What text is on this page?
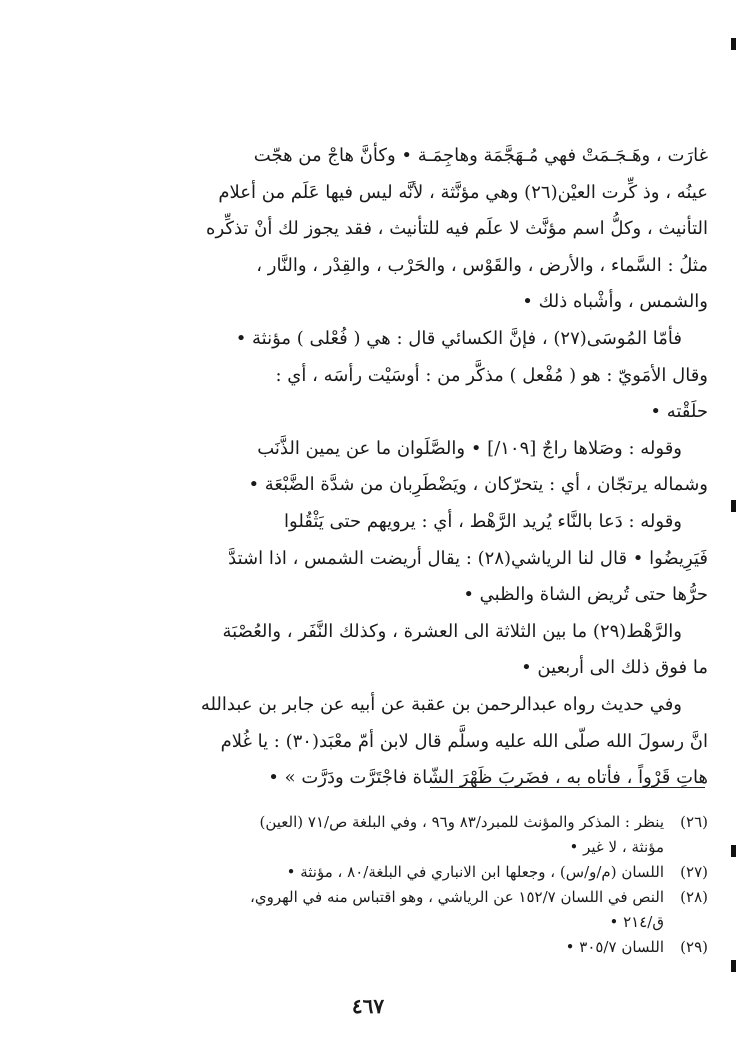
غارَت ، وهَـجَـمَتْ فهي مُـهَجَّمَة وهاجِمَـة • وكأنَّ هاجْ من هجّت
عينُه ، وذ كِّرت العيْن(٢٦) وهي مؤنَّثة ، لأنَّه ليس فيها عَلَم من أعلام
التأنيث ، وكلُّ اسم مؤنَّث لا علَم فيه للتأنيث ، فقد يجوز لك أنْ تذكِّره
مثلُ : السَّماء ، والأرض ، والقَوْس ، والحَرْب ، والقِدْر ، والنَّار ،
والشمس ، وأشْباه ذلك •
فأمّا المُوسَى(٢٧) ، فإنَّ الكسائي قال : هي ( فُعْلى ) مؤنثة •
وقال الأمَويّ : هو ( مُفْعل ) مذكَّر من : أوسَيْت رأسَه ، أي :
حلَقْته •
وقوله : وصَلاها راجٌ [١٠٩/] • والصَّلَوان ما عن يمين الذَّنَب
وشماله يرتجّان ، أي : يتحرّكان ، ويَضْطَرِبان من شدَّة الضَّبْعَة •
وقوله : دَعا بالنَّاء يُريد الرَّهْط ، أي : يرويهم حتى يَثْقُلوا
فَيَرِيضُوا • قال لنا الرياشي(٢٨) : يقال أريضت الشمس ، اذا اشتدَّ
حرُّها حتى تُريض الشاة والظبي •
والرَّهْط(٢٩) ما بين الثلاثة الى العشرة ، وكذلك النَّفَر ، والعُصْبَة
ما فوق ذلك الى أربعين •
وفي حديث رواه عبدالرحمن بن عقبة عن أبيه عن جابر بن عبدالله
انَّ رسولَ الله صلّى الله عليه وسلَّم قال لابن أمّ معْبَد(٣٠) : يا غُلام
هاتِ قَرْواً ، فأتاه به ، فضَربَ ظَهْرَ الشّاة فاجْتَرَّت ودَرَّت » •
(٢٦)
ينظر : المذكر والمؤنث للمبرد/٨٣ و٩٦ ، وفي البلغة ص/٧١ (العين)
مؤنثة ، لا غير •
(٢٧)
اللسان (م/و/س) ، وجعلها ابن الانباري في البلغة/٨٠ ، مؤنثة •
(٢٨)
النص في اللسان ١٥٢/٧ عن الرياشي ، وهو اقتباس منه في الهروي،
ق/٢١٤ •
(٢٩)
اللسان ٣٠٥/٧ •
٤٦٧
